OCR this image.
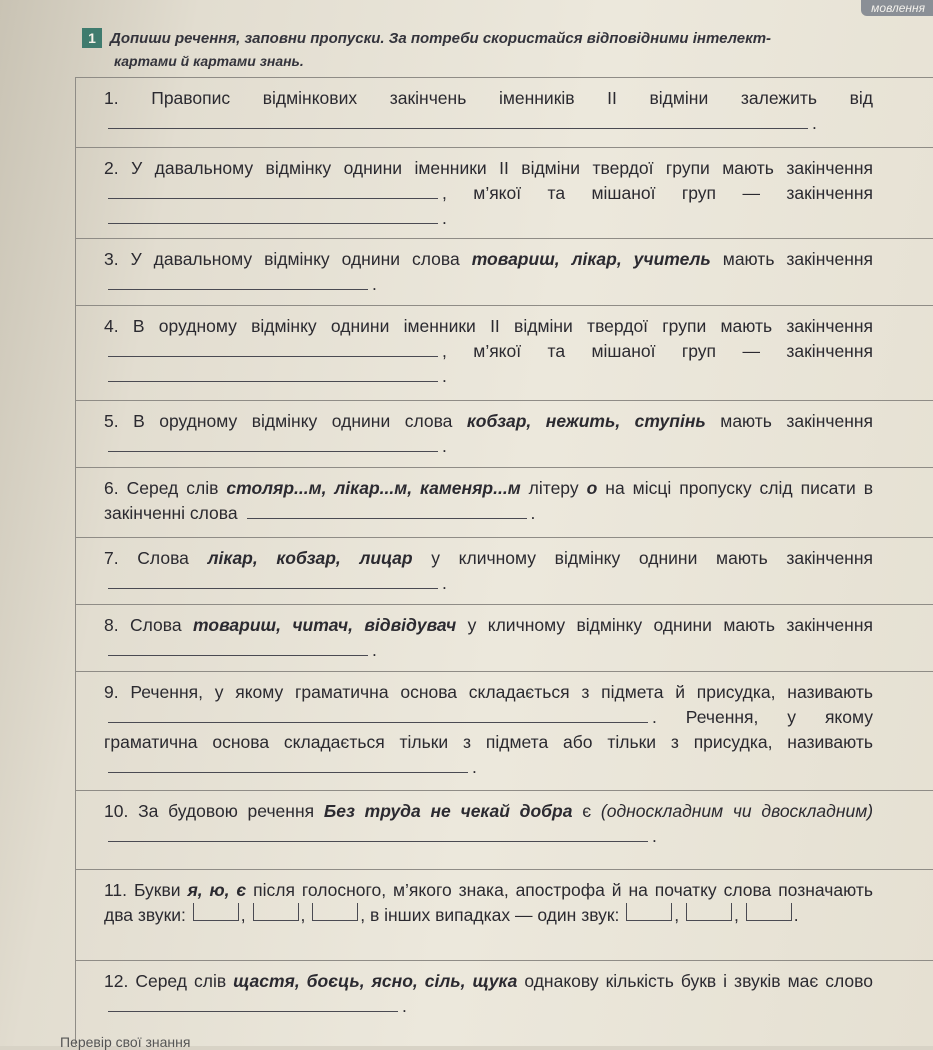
мовлення
1 Допиши речення, заповни пропуски. За потреби скористайся відповідними інтелект-
картами й картами знань.
1. Правопис відмінкових закінчень іменників ІІ відміни залежить від .

2. У давальному відмінку однини іменники ІІ відміни твердої групи мають закінчення , м’якої та мішаної груп — закінчення .

3. У давальному відмінку однини слова товариш, лікар, учитель мають закінчення .

4. В орудному відмінку однини іменники ІІ відміни твердої групи мають закінчення , м’якої та мішаної груп — закінчення .

5. В орудному відмінку однини слова кобзар, нежить, ступінь мають закінчення .

6. Серед слів столяр...м, лікар...м, каменяр...м літеру о на місці пропуску слід писати в закінченні слова	.

7. Слова лікар, кобзар, лицар у кличному відмінку однини мають закінчення .

8. Слова товариш, читач, відвідувач у кличному відмінку однини мають закінчення .

9. Речення, у якому граматична основа складається з підмета й присудка, називають . Речення, у якому граматична основа складається тільки з підмета або тільки з присудка, називають .

10. За будовою речення Без труда не чекай добра є (односкладним чи двоскладним) .

11. Букви я, ю, є після голосного, м’якого знака, апострофа й на початку слова позначають два звуки:	,	,	, в інших випадках — один звук:	,	,	.

12. Серед слів щастя, боєць, ясно, сіль, щука однакову кількість букв і звуків має слово .
Перевір свої знання
